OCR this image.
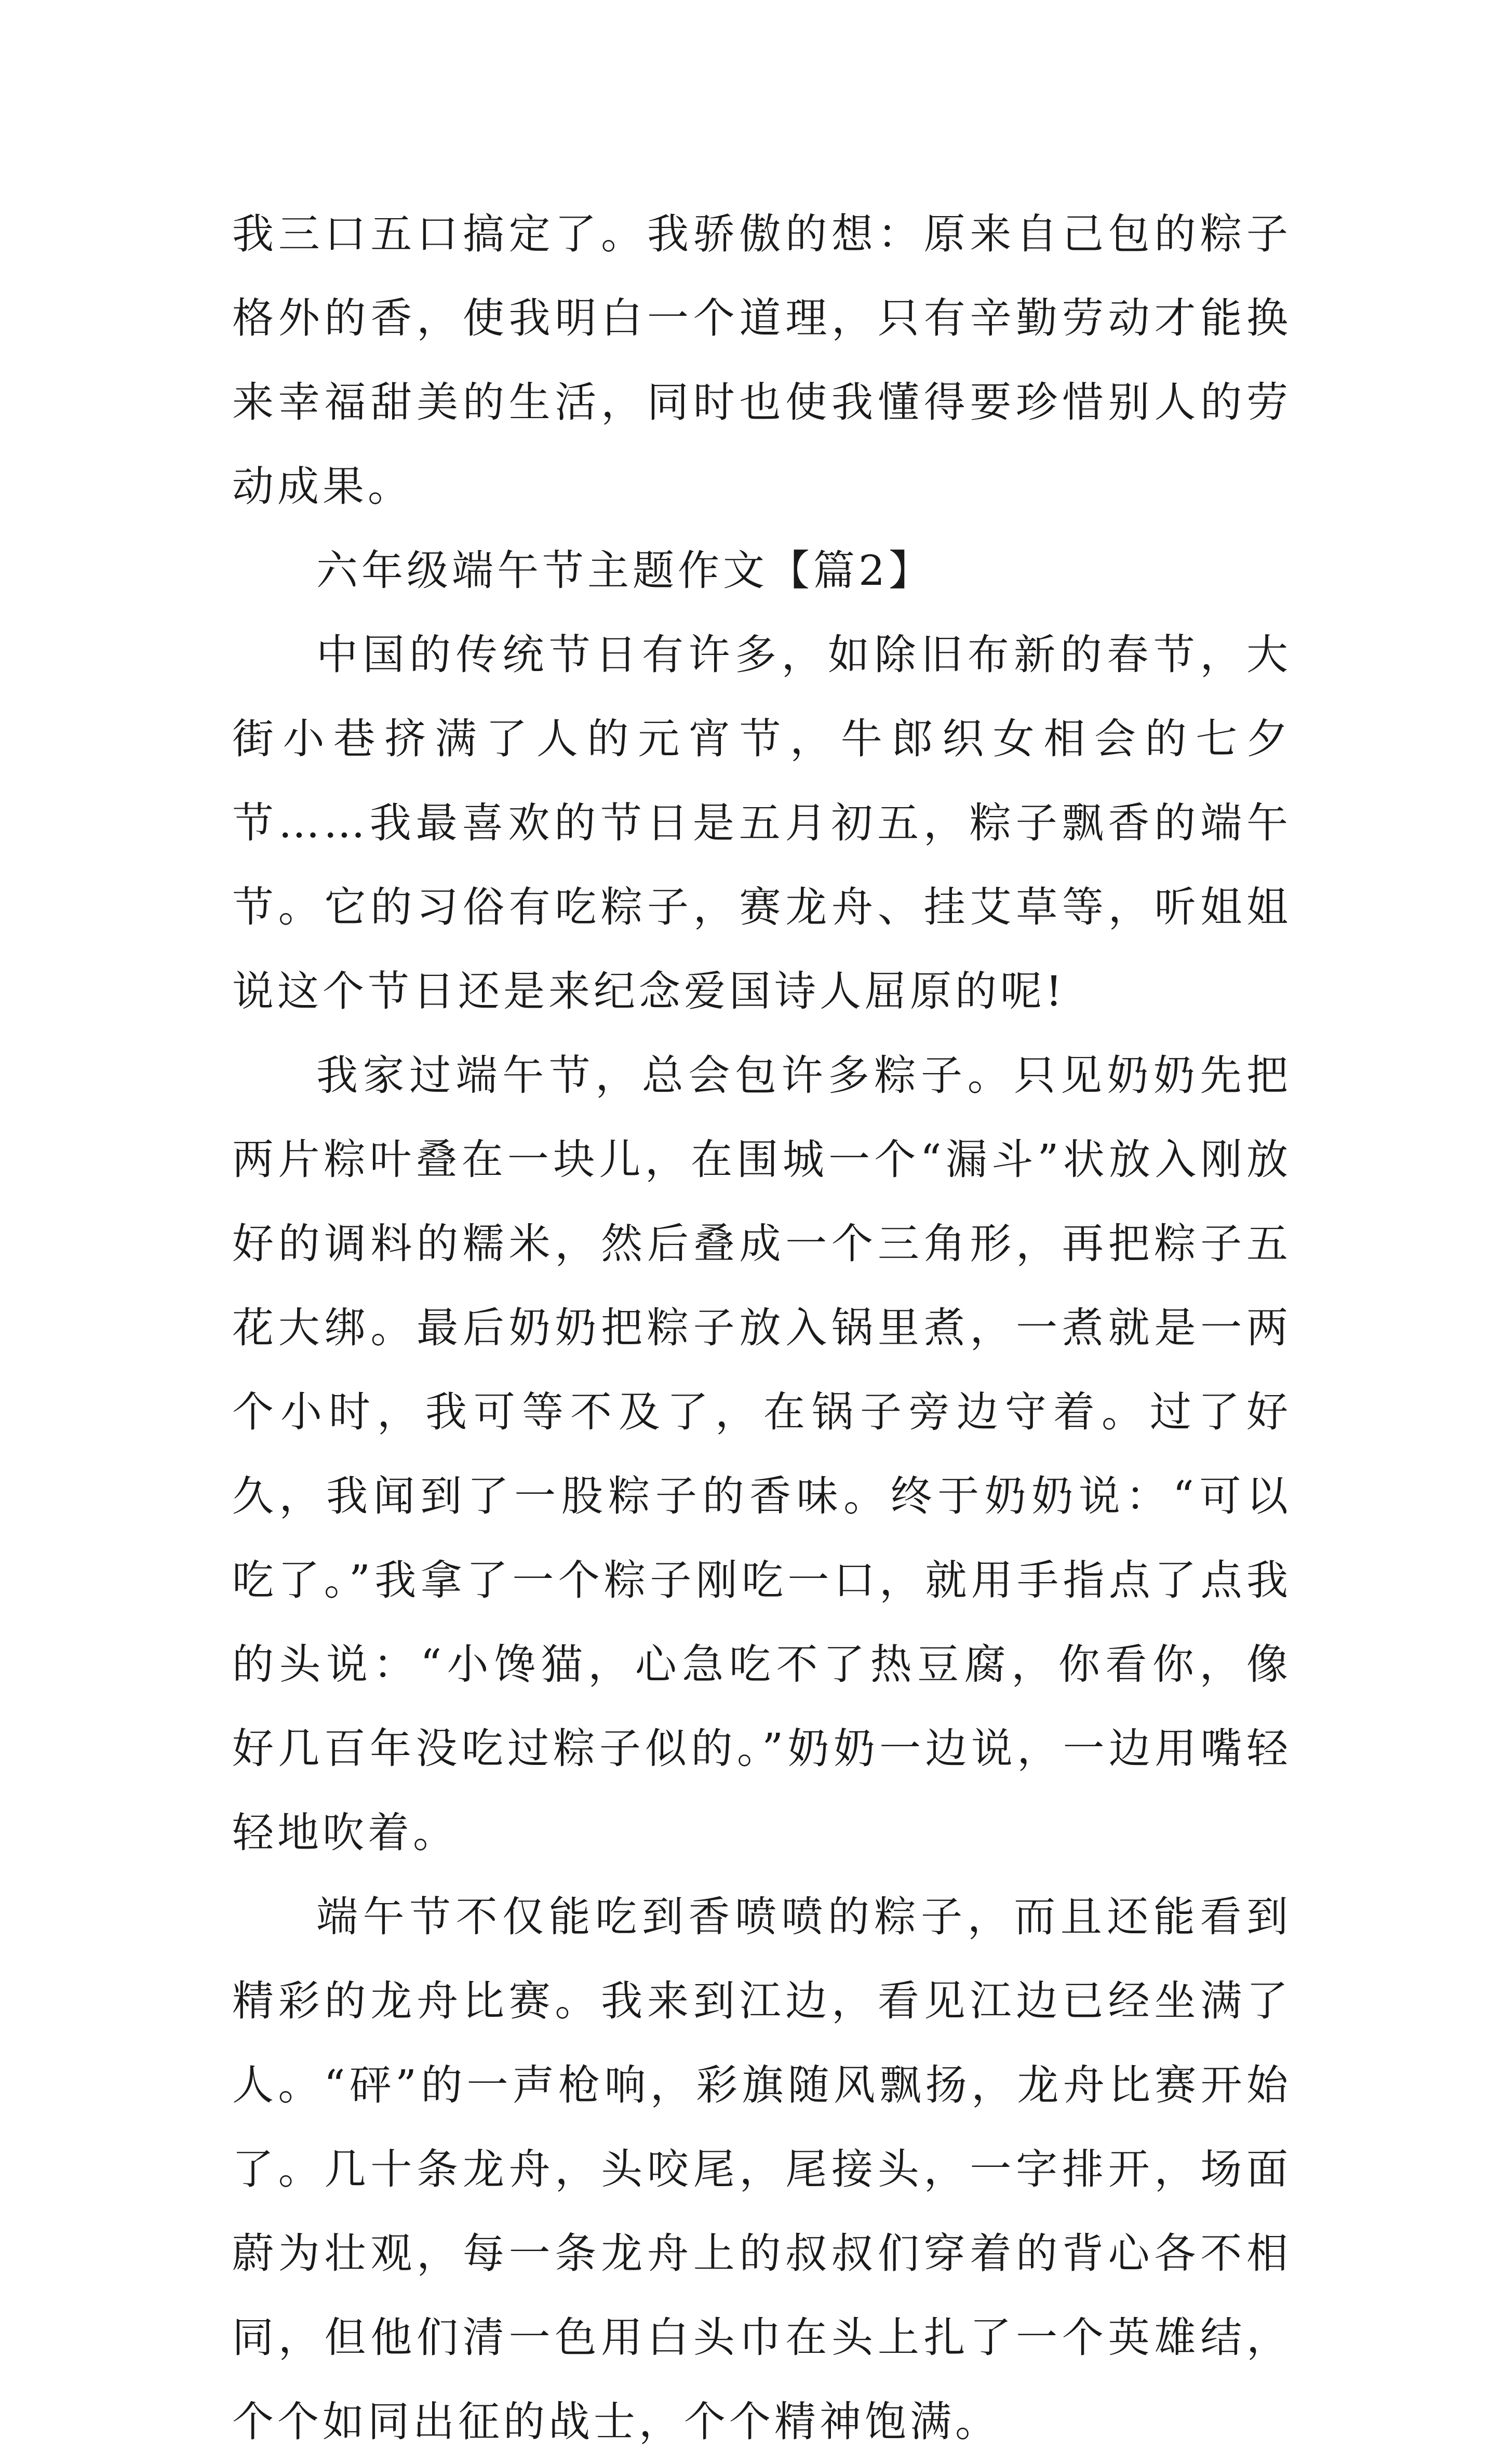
我三口五口搞定了。我骄傲的想：原来自己包的粽子格外的香，使我明白一个道理，只有辛勤劳动才能换来幸福甜美的生活，同时也使我懂得要珍惜别人的劳动成果。

六年级端午节主题作文【篇2】

中国的传统节日有许多，如除旧布新的春节，大街小巷挤满了人的元宵节，牛郎织女相会的七夕节……我最喜欢的节日是五月初五，粽子飘香的端午节。它的习俗有吃粽子，赛龙舟、挂艾草等，听姐姐说这个节日还是来纪念爱国诗人屈原的呢!

我家过端午节，总会包许多粽子。只见奶奶先把两片粽叶叠在一块儿，在围城一个“漏斗”状放入刚放好的调料的糯米，然后叠成一个三角形，再把粽子五花大绑。最后奶奶把粽子放入锅里煮，一煮就是一两个小时，我可等不及了，在锅子旁边守着。过了好久，我闻到了一股粽子的香味。终于奶奶说：“可以吃了。”我拿了一个粽子刚吃一口，就用手指点了点我的头说：“小馋猫，心急吃不了热豆腐，你看你，像好几百年没吃过粽子似的。”奶奶一边说，一边用嘴轻轻地吹着。

端午节不仅能吃到香喷喷的粽子，而且还能看到精彩的龙舟比赛。我来到江边，看见江边已经坐满了人。“砰”的一声枪响，彩旗随风飘扬，龙舟比赛开始了。几十条龙舟，头咬尾，尾接头，一字排开，场面蔚为壮观，每一条龙舟上的叔叔们穿着的背心各不相同，但他们清一色用白头巾在头上扎了一个英雄结，个个如同出征的战士，个个精神饱满。
